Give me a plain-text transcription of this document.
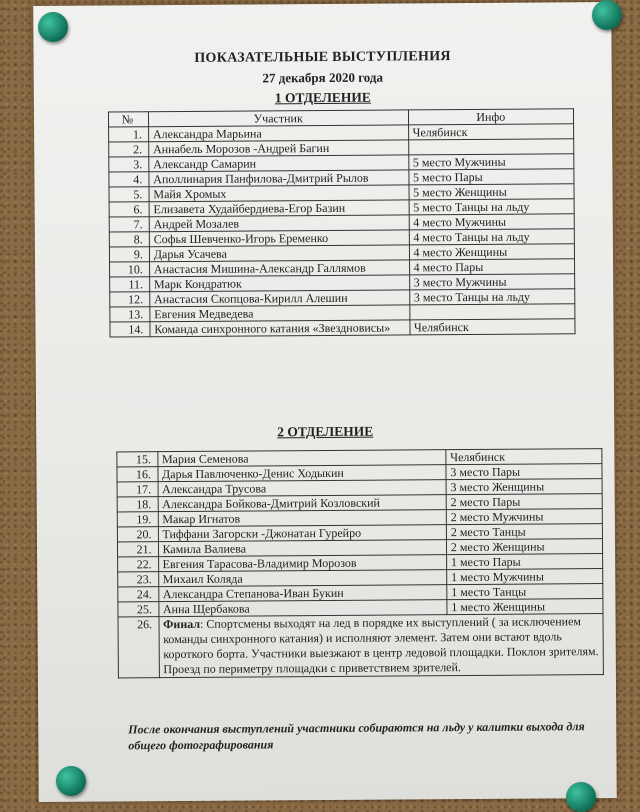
ПОКАЗАТЕЛЬНЫЕ ВЫСТУПЛЕНИЯ
27 декабря 2020 года
1 ОТДЕЛЕНИЕ
№	Участник	Инфо
1.	Александра Марьина	Челябинск
2.	Аннабель Морозов -Андрей Багин	
3.	Александр Самарин	5 место Мужчины
4.	Аполлинария Панфилова-Дмитрий Рылов	5 место Пары
5.	Майя Хромых	5 место Женщины
6.	Елизавета Худайбердиева-Егор Базин	5 место Танцы на льду
7.	Андрей Мозалев	4 место Мужчины
8.	Софья Шевченко-Игорь Еременко	4 место Танцы на льду
9.	Дарья Усачева	4 место Женщины
10.	Анастасия Мишина-Александр Галлямов	4 место Пары
11.	Марк Кондратюк	3 место Мужчины
12.	Анастасия Скопцова-Кирилл Алешин	3 место Танцы на льду
13.	Евгения Медведева	
14.	Команда синхронного катания «Звездновисы»	Челябинск
2 ОТДЕЛЕНИЕ
15.	Мария Семенова	Челябинск
16.	Дарья Павлюченко-Денис Ходыкин	3 место Пары
17.	Александра Трусова	3 место Женщины
18.	Александра Бойкова-Дмитрий Козловский	2 место Пары
19.	Макар Игнатов	2 место Мужчины
20.	Тиффани Загорски -Джонатан Гурейро	2 место Танцы
21.	Камила Валиева	2 место Женщины
22.	Евгения Тарасова-Владимир Морозов	1 место Пары
23.	Михаил Коляда	1 место Мужчины
24.	Александра Степанова-Иван Букин	1 место Танцы
25.	Анна Щербакова	1 место Женщины
26.	Финал: Спортсмены выходят на лед в порядке их выступлений ( за исключением команды синхронного катания) и исполняют элемент. Затем они встают вдоль короткого борта. Участники выезжают в центр ледовой площадки. Поклон зрителям. Проезд по периметру площадки с приветствием зрителей.	
После окончания выступлений участники собираются на льду у калитки выхода для общего фотографирования
